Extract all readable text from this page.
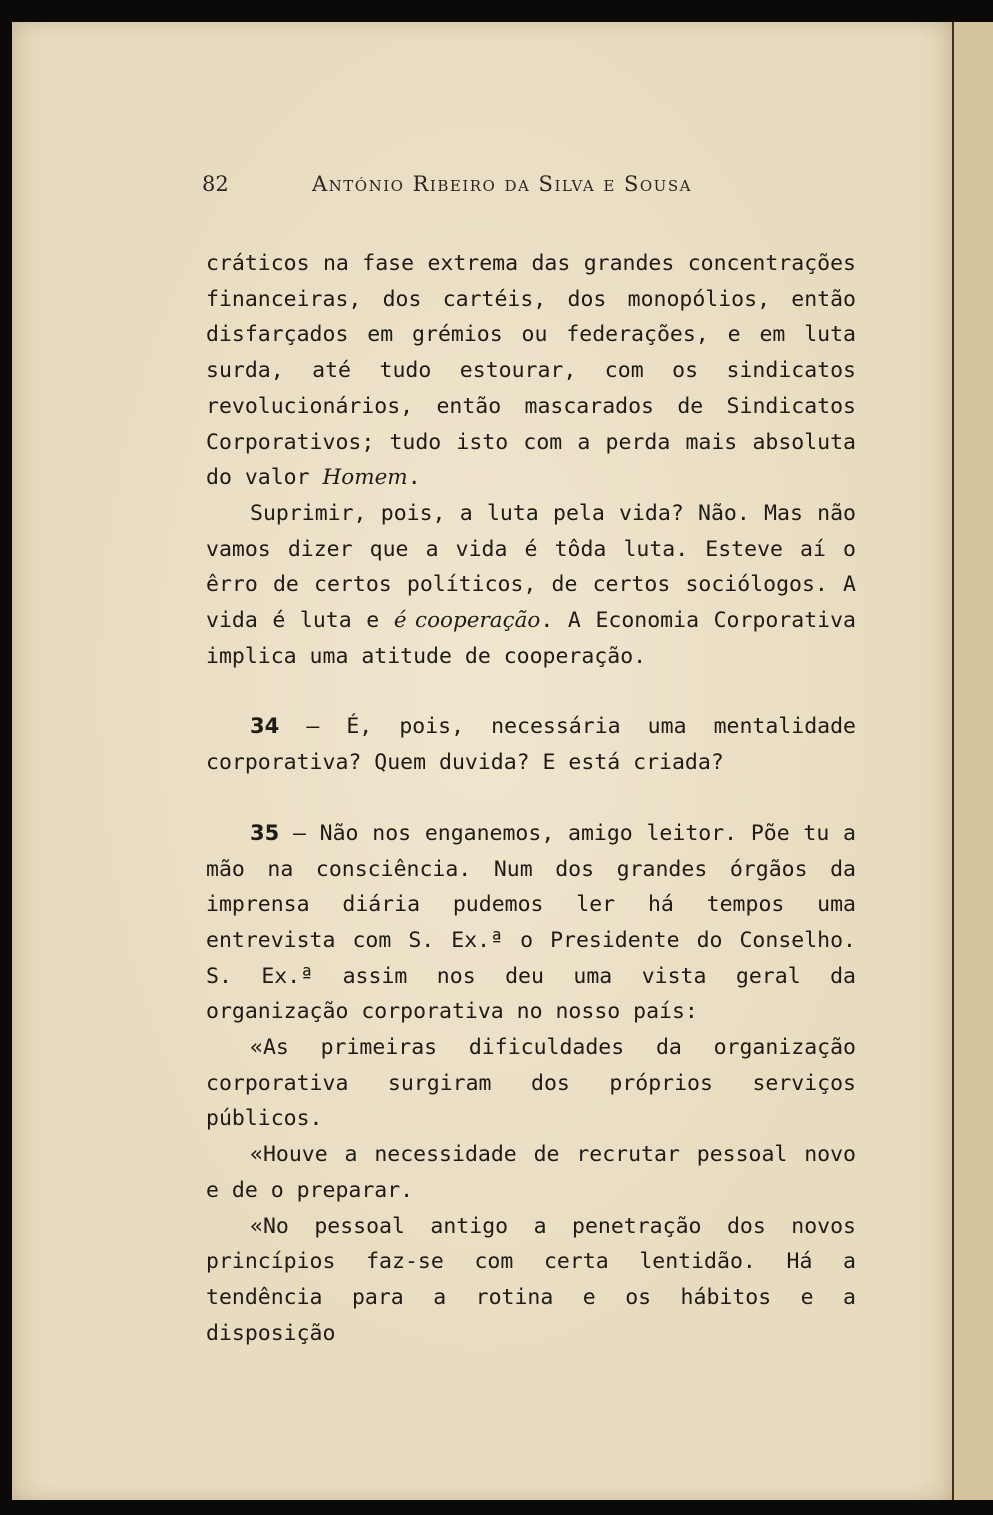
82	António Ribeiro da Silva e Sousa

cráticos na fase extrema das grandes concentrações financeiras, dos cartéis, dos monopólios, então disfarçados em grémios ou federações, e em luta surda, até tudo estourar, com os sindicatos revolucionários, então mascarados de Sindicatos Corporativos; tudo isto com a perda mais absoluta do valor Homem.

Suprimir, pois, a luta pela vida? Não. Mas não vamos dizer que a vida é tôda luta. Esteve aí o êrro de certos políticos, de certos sociólogos. A vida é luta e é cooperação. A Economia Corporativa implica uma atitude de cooperação.

34 — É, pois, necessária uma mentalidade corporativa? Quem duvida? E está criada?

35 — Não nos enganemos, amigo leitor. Põe tu a mão na consciência. Num dos grandes órgãos da imprensa diária pudemos ler há tempos uma entrevista com S. Ex.ª o Presidente do Conselho. S. Ex.ª assim nos deu uma vista geral da organização corporativa no nosso país:

«As primeiras dificuldades da organização corporativa surgiram dos próprios serviços públicos.

«Houve a necessidade de recrutar pessoal novo e de o preparar.

«No pessoal antigo a penetração dos novos princípios faz-se com certa lentidão. Há a tendência para a rotina e os hábitos e a disposição
